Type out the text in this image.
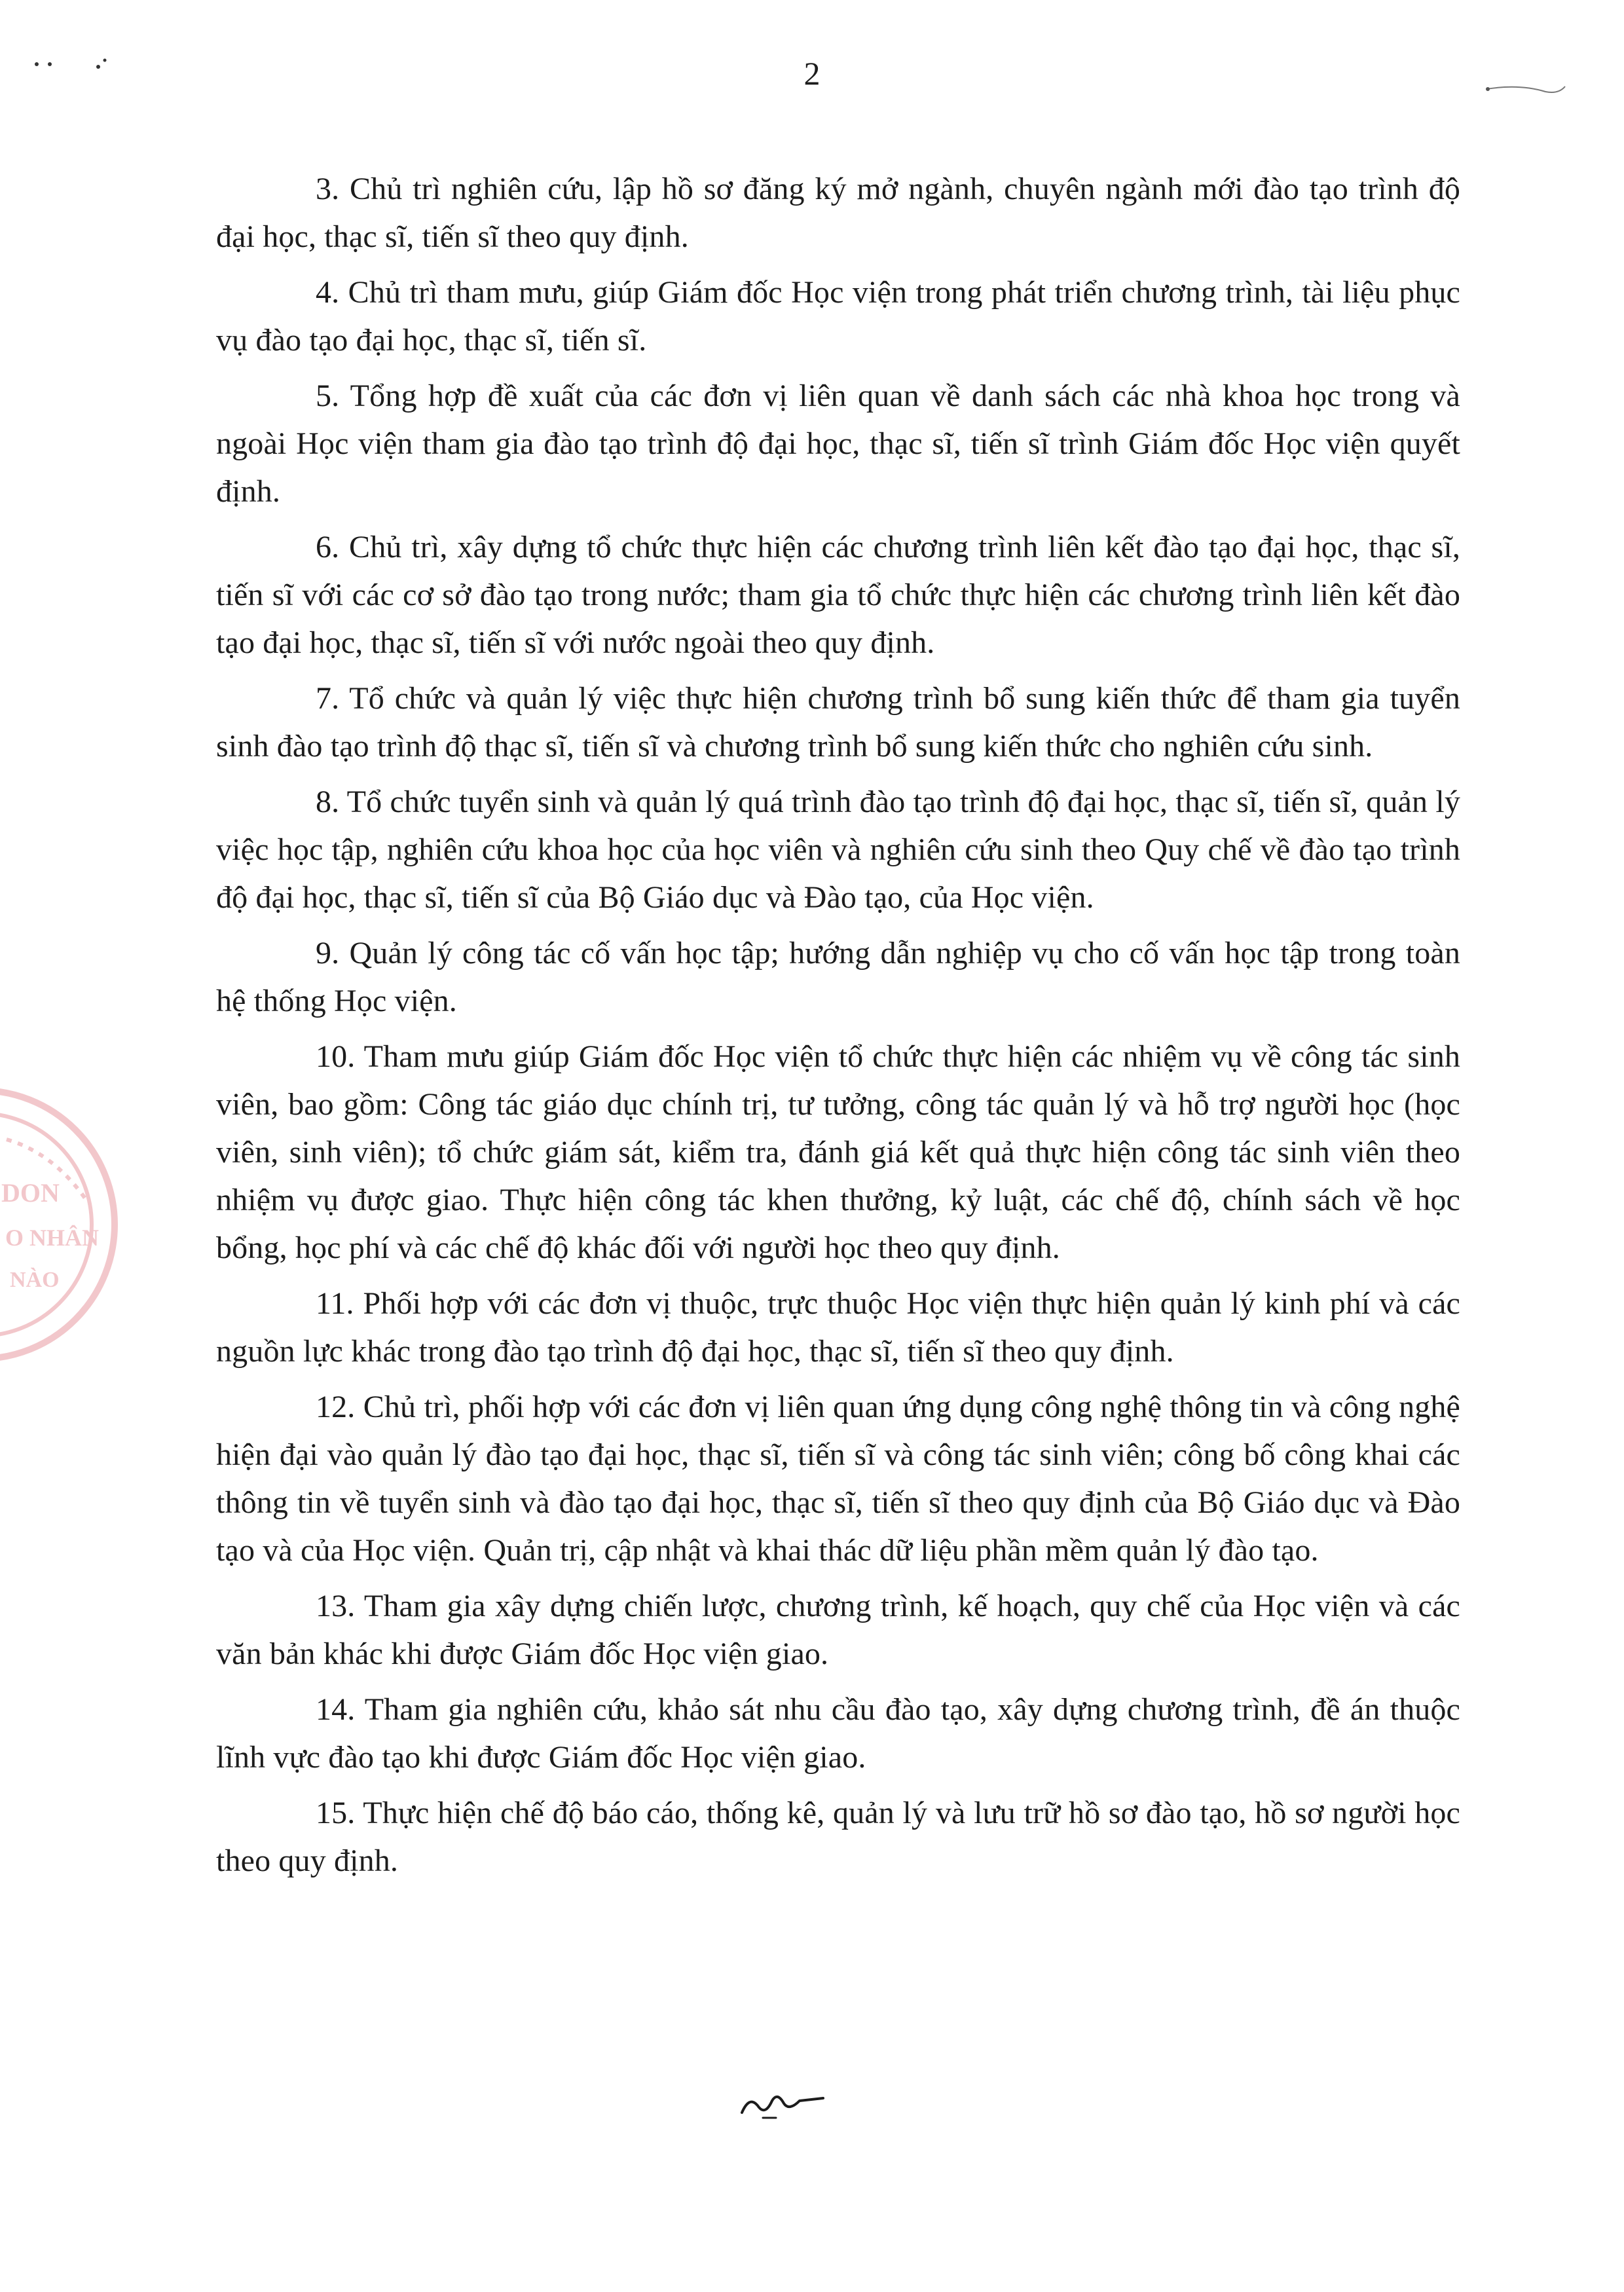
2
DON
O NHÂN
NÀO

3. Chủ trì nghiên cứu, lập hồ sơ đăng ký mở ngành, chuyên ngành mới đào tạo trình độ đại học, thạc sĩ, tiến sĩ theo quy định.

4. Chủ trì tham mưu, giúp Giám đốc Học viện trong phát triển chương trình, tài liệu phục vụ đào tạo đại học, thạc sĩ, tiến sĩ.

5. Tổng hợp đề xuất của các đơn vị liên quan về danh sách các nhà khoa học trong và ngoài Học viện tham gia đào tạo trình độ đại học, thạc sĩ, tiến sĩ trình Giám đốc Học viện quyết định.

6. Chủ trì, xây dựng tổ chức thực hiện các chương trình liên kết đào tạo đại học, thạc sĩ, tiến sĩ với các cơ sở đào tạo trong nước; tham gia tổ chức thực hiện các chương trình liên kết đào tạo đại học, thạc sĩ, tiến sĩ với nước ngoài theo quy định.

7. Tổ chức và quản lý việc thực hiện chương trình bổ sung kiến thức để tham gia tuyển sinh đào tạo trình độ thạc sĩ, tiến sĩ và chương trình bổ sung kiến thức cho nghiên cứu sinh.

8. Tổ chức tuyển sinh và quản lý quá trình đào tạo trình độ đại học, thạc sĩ, tiến sĩ, quản lý việc học tập, nghiên cứu khoa học của học viên và nghiên cứu sinh theo Quy chế về đào tạo trình độ đại học, thạc sĩ, tiến sĩ của Bộ Giáo dục và Đào tạo, của Học viện.

9. Quản lý công tác cố vấn học tập; hướng dẫn nghiệp vụ cho cố vấn học tập trong toàn hệ thống Học viện.

10. Tham mưu giúp Giám đốc Học viện tổ chức thực hiện các nhiệm vụ về công tác sinh viên, bao gồm: Công tác giáo dục chính trị, tư tưởng, công tác quản lý và hỗ trợ người học (học viên, sinh viên); tổ chức giám sát, kiểm tra, đánh giá kết quả thực hiện công tác sinh viên theo nhiệm vụ được giao. Thực hiện công tác khen thưởng, kỷ luật, các chế độ, chính sách về học bổng, học phí và các chế độ khác đối với người học theo quy định.

11. Phối hợp với các đơn vị thuộc, trực thuộc Học viện thực hiện quản lý kinh phí và các nguồn lực khác trong đào tạo trình độ đại học, thạc sĩ, tiến sĩ theo quy định.

12. Chủ trì, phối hợp với các đơn vị liên quan ứng dụng công nghệ thông tin và công nghệ hiện đại vào quản lý đào tạo đại học, thạc sĩ, tiến sĩ và công tác sinh viên; công bố công khai các thông tin về tuyển sinh và đào tạo đại học, thạc sĩ, tiến sĩ theo quy định của Bộ Giáo dục và Đào tạo và của Học viện. Quản trị, cập nhật và khai thác dữ liệu phần mềm quản lý đào tạo.

13. Tham gia xây dựng chiến lược, chương trình, kế hoạch, quy chế của Học viện và các văn bản khác khi được Giám đốc Học viện giao.

14. Tham gia nghiên cứu, khảo sát nhu cầu đào tạo, xây dựng chương trình, đề án thuộc lĩnh vực đào tạo khi được Giám đốc Học viện giao.

15. Thực hiện chế độ báo cáo, thống kê, quản lý và lưu trữ hồ sơ đào tạo, hồ sơ người học theo quy định.
